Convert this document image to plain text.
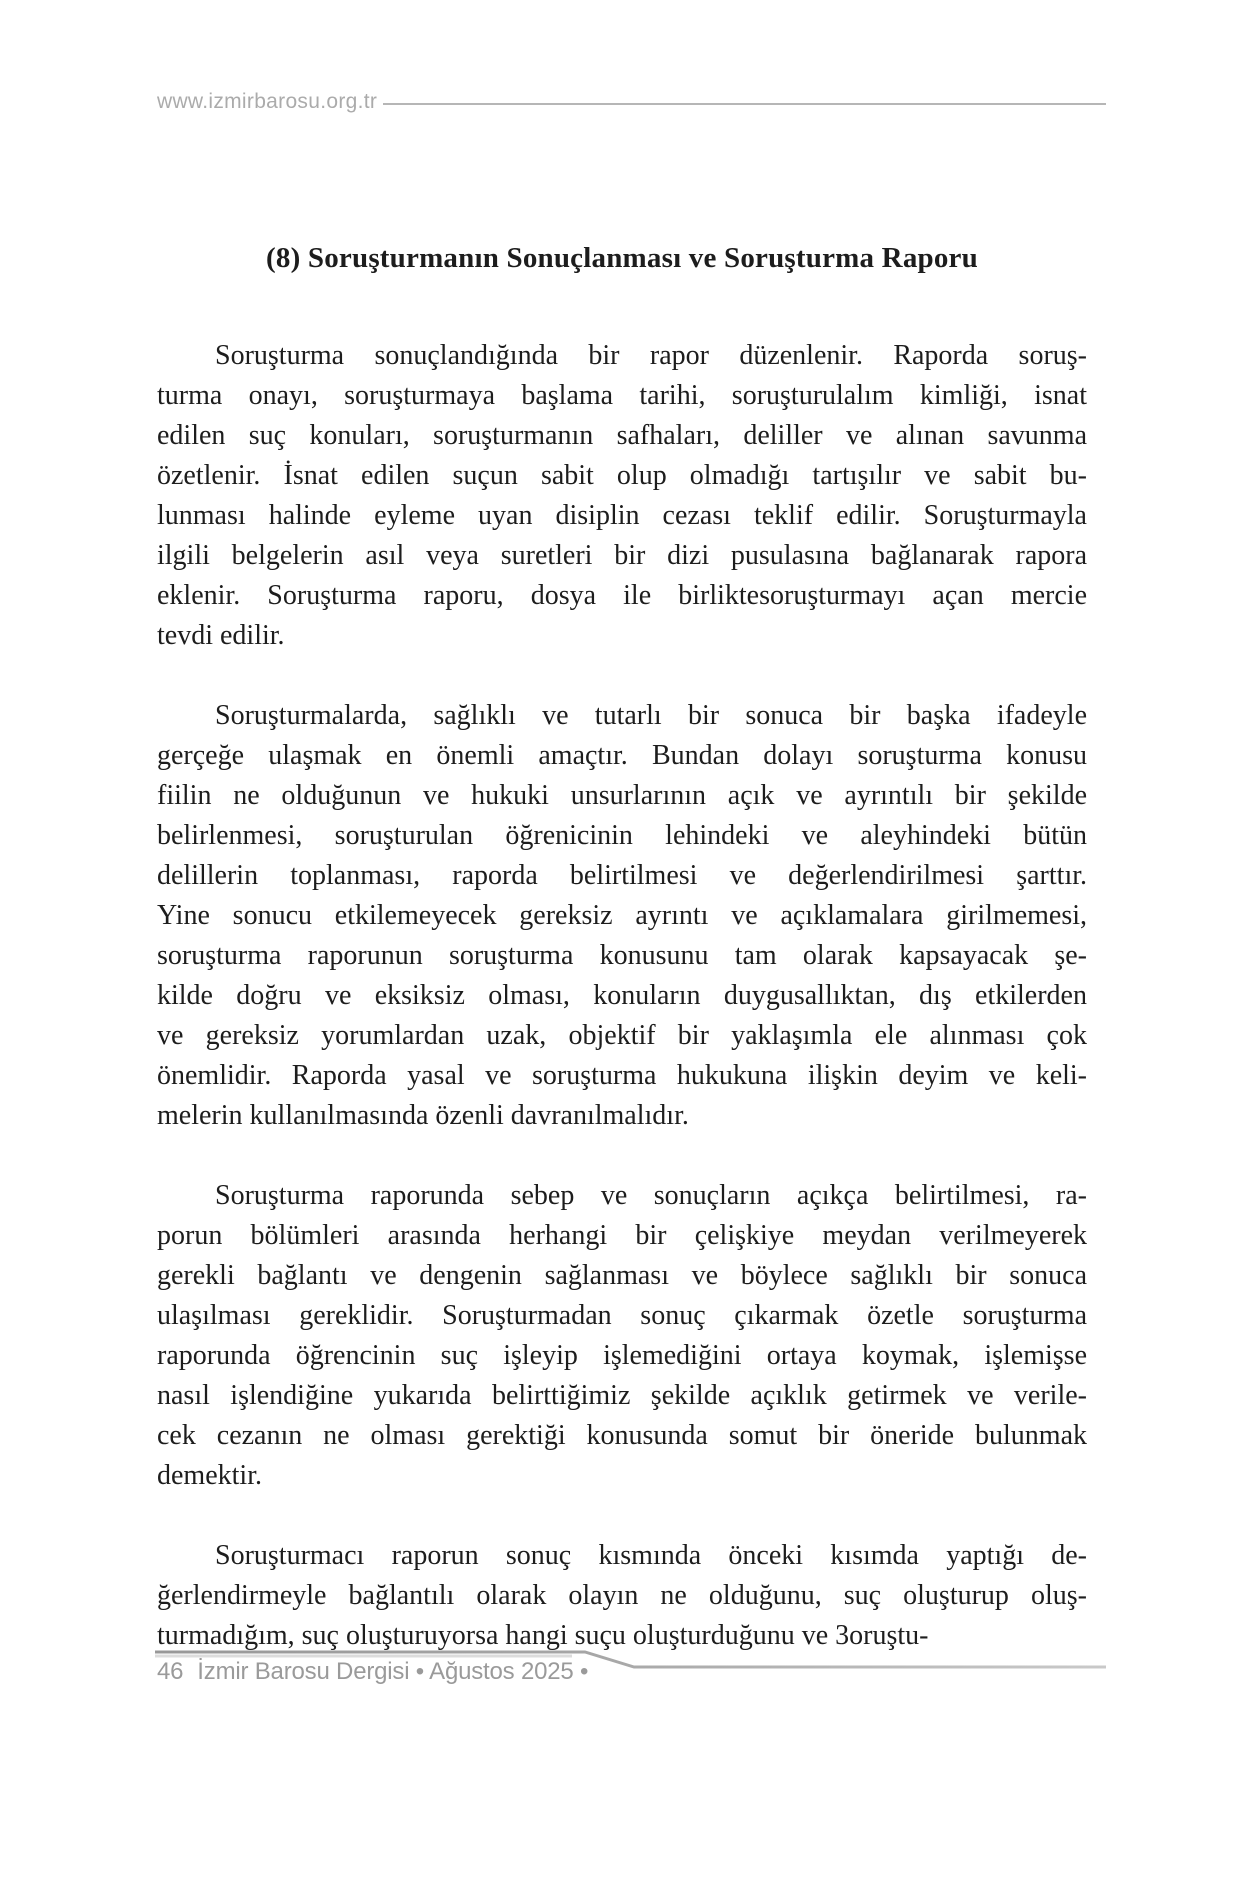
www.izmirbarosu.org.tr
(8) Soruşturmanın Sonuçlanması ve Soruşturma Raporu
Soruşturma sonuçlandığında bir rapor düzenlenir. Raporda soruş-
turma onayı, soruşturmaya başlama tarihi, soruşturulalım kimliği, isnat
edilen suç konuları, soruşturmanın safhaları, deliller ve alınan savunma
özetlenir. İsnat edilen suçun sabit olup olmadığı tartışılır ve sabit bu-
lunması halinde eyleme uyan disiplin cezası teklif edilir. Soruşturmayla
ilgili belgelerin asıl veya suretleri bir dizi pusulasına bağlanarak rapora
eklenir. Soruşturma raporu, dosya ile birliktesoruşturmayı açan mercie
tevdi edilir.
Soruşturmalarda, sağlıklı ve tutarlı bir sonuca bir başka ifadeyle
gerçeğe ulaşmak en önemli amaçtır. Bundan dolayı soruşturma konusu
fiilin ne olduğunun ve hukuki unsurlarının açık ve ayrıntılı bir şekilde
belirlenmesi, soruşturulan öğrenicinin lehindeki ve aleyhindeki bütün
delillerin toplanması, raporda belirtilmesi ve değerlendirilmesi şarttır.
Yine sonucu etkilemeyecek gereksiz ayrıntı ve açıklamalara girilmemesi,
soruşturma raporunun soruşturma konusunu tam olarak kapsayacak şe-
kilde doğru ve eksiksiz olması, konuların duygusallıktan, dış etkilerden
ve gereksiz yorumlardan uzak, objektif bir yaklaşımla ele alınması çok
önemlidir. Raporda yasal ve soruşturma hukukuna ilişkin deyim ve keli-
melerin kullanılmasında özenli davranılmalıdır.
Soruşturma raporunda sebep ve sonuçların açıkça belirtilmesi, ra-
porun bölümleri arasında herhangi bir çelişkiye meydan verilmeyerek
gerekli bağlantı ve dengenin sağlanması ve böylece sağlıklı bir sonuca
ulaşılması gereklidir. Soruşturmadan sonuç çıkarmak özetle soruşturma
raporunda öğrencinin suç işleyip işlemediğini ortaya koymak, işlemişse
nasıl işlendiğine yukarıda belirttiğimiz şekilde açıklık getirmek ve verile-
cek cezanın ne olması gerektiği konusunda somut bir öneride bulunmak
demektir.
Soruşturmacı raporun sonuç kısmında önceki kısımda yaptığı de-
ğerlendirmeyle bağlantılı olarak olayın ne olduğunu, suç oluşturup oluş-
turmadığım, suç oluşturuyorsa hangi suçu oluşturduğunu ve 3oruştu-
46 İzmir Barosu Dergisi • Ağustos 2025 •
